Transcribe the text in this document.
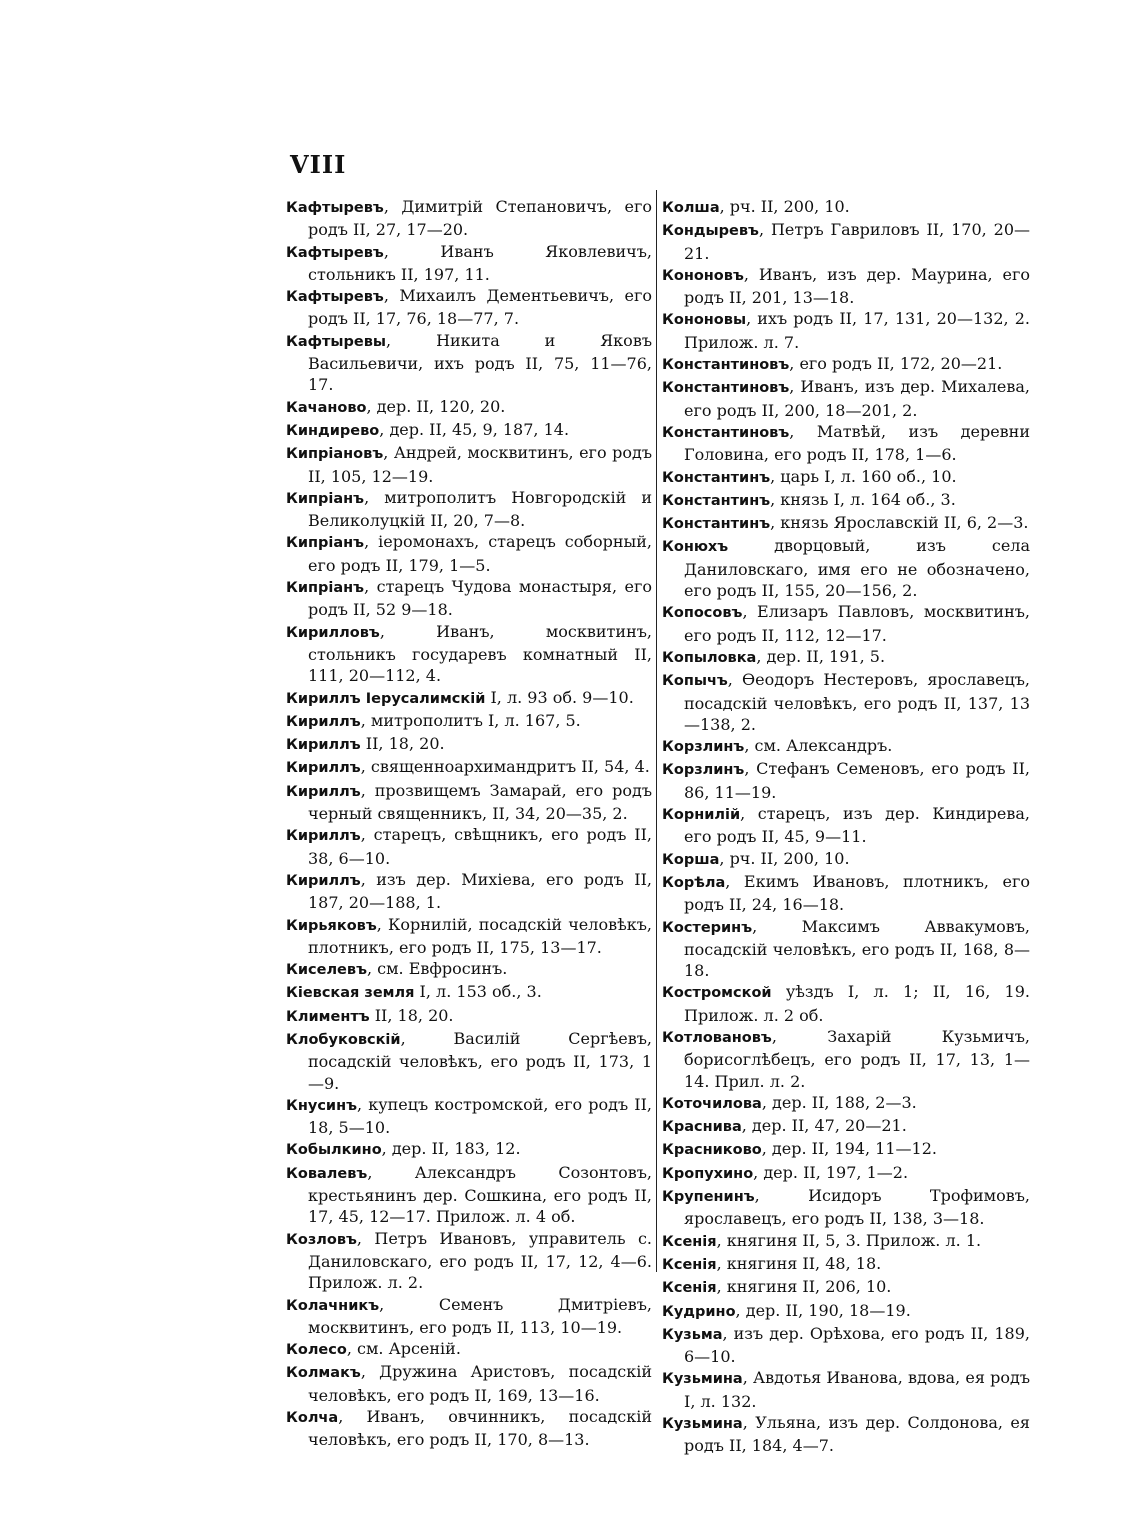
VIII

Кафтыревъ, Димитрій Степановичъ, его родъ II, 27, 17—20.

Кафтыревъ, Иванъ Яковлевичъ, стольникъ II, 197, 11.

Кафтыревъ, Михаилъ Дементьевичъ, его родъ II, 17, 76, 18—77, 7.

Кафтыревы, Никита и Яковъ Васильевичи, ихъ родъ II, 75, 11—76, 17.

Качаново, дер. II, 120, 20.

Киндирево, дер. II, 45, 9, 187, 14.

Кипріановъ, Андрей, москвитинъ, его родъ II, 105, 12—19.

Кипріанъ, митрополитъ Новгородскій и Великолуцкій II, 20, 7—8.

Кипріанъ, іеромонахъ, старецъ соборный, его родъ II, 179, 1—5.

Кипріанъ, старецъ Чудова монастыря, его родъ II, 52 9—18.

Кирилловъ, Иванъ, москвитинъ, стольникъ государевъ комнатный II, 111, 20—112, 4.

Кириллъ Іерусалимскій I, л. 93 об. 9—10.

Кириллъ, митрополитъ I, л. 167, 5.

Кириллъ II, 18, 20.

Кириллъ, священноархимандритъ II, 54, 4.

Кириллъ, прозвищемъ Замарай, его родъ черный священникъ, II, 34, 20—35, 2.

Кириллъ, старецъ, свѣщникъ, его родъ II, 38, 6—10.

Кириллъ, изъ дер. Михіева, его родъ II, 187, 20—188, 1.

Кирьяковъ, Корнилій, посадскій человѣкъ, плотникъ, его родъ II, 175, 13—17.

Киселевъ, см. Евфросинъ.

Кіевская земля I, л. 153 об., 3.

Климентъ II, 18, 20.

Клобуковскій, Василій Сергѣевъ, посадскій человѣкъ, его родъ II, 173, 1—9.

Кнусинъ, купецъ костромской, его родъ II, 18, 5—10.

Кобылкино, дер. II, 183, 12.

Ковалевъ, Александръ Созонтовъ, крестьянинъ дер. Сошкина, его родъ II, 17, 45, 12—17. Прилож. л. 4 об.

Козловъ, Петръ Ивановъ, управитель с. Даниловскаго, его родъ II, 17, 12, 4—6. Прилож. л. 2.

Колачникъ, Семенъ Дмитріевъ, москвитинъ, его родъ II, 113, 10—19.

Колесо, см. Арсеній.

Колмакъ, Дружина Аристовъ, посадскій человѣкъ, его родъ II, 169, 13—16.

Колча, Иванъ, овчинникъ, посадскій человѣкъ, его родъ II, 170, 8—13.

Колша, рч. II, 200, 10.

Кондыревъ, Петръ Гавриловъ II, 170, 20—21.

Кононовъ, Иванъ, изъ дер. Маурина, его родъ II, 201, 13—18.

Кононовы, ихъ родъ II, 17, 131, 20—132, 2. Прилож. л. 7.

Константиновъ, его родъ II, 172, 20—21.

Константиновъ, Иванъ, изъ дер. Михалева, его родъ II, 200, 18—201, 2.

Константиновъ, Матвѣй, изъ деревни Головина, его родъ II, 178, 1—6.

Константинъ, царь I, л. 160 об., 10.

Константинъ, князь I, л. 164 об., 3.

Константинъ, князь Ярославскій II, 6, 2—3.

Конюхъ дворцовый, изъ села Даниловскаго, имя его не обозначено, его родъ II, 155, 20—156, 2.

Копосовъ, Елизаръ Павловъ, москвитинъ, его родъ II, 112, 12—17.

Копыловка, дер. II, 191, 5.

Копычъ, Ѳеодоръ Нестеровъ, ярославецъ, посадскій человѣкъ, его родъ II, 137, 13—138, 2.

Корзлинъ, см. Александръ.

Корзлинъ, Стефанъ Семеновъ, его родъ II, 86, 11—19.

Корнилій, старецъ, изъ дер. Киндирева, его родъ II, 45, 9—11.

Корша, рч. II, 200, 10.

Корѣла, Екимъ Ивановъ, плотникъ, его родъ II, 24, 16—18.

Костеринъ, Максимъ Аввакумовъ, посадскій человѣкъ, его родъ II, 168, 8—18.

Костромской уѣздъ I, л. 1; II, 16, 19. Прилож. л. 2 об.

Котловановъ, Захарій Кузьмичъ, борисоглѣбецъ, его родъ II, 17, 13, 1—14. Прил. л. 2.

Коточилова, дер. II, 188, 2—3.

Краснива, дер. II, 47, 20—21.

Красниково, дер. II, 194, 11—12.

Кропухино, дер. II, 197, 1—2.

Крупенинъ, Исидоръ Трофимовъ, ярославецъ, его родъ II, 138, 3—18.

Ксенія, княгиня II, 5, 3. Прилож. л. 1.

Ксенія, княгиня II, 48, 18.

Ксенія, княгиня II, 206, 10.

Кудрино, дер. II, 190, 18—19.

Кузьма, изъ дер. Орѣхова, его родъ II, 189, 6—10.

Кузьмина, Авдотья Иванова, вдова, ея родъ I, л. 132.

Кузьмина, Ульяна, изъ дер. Солдонова, ея родъ II, 184, 4—7.
